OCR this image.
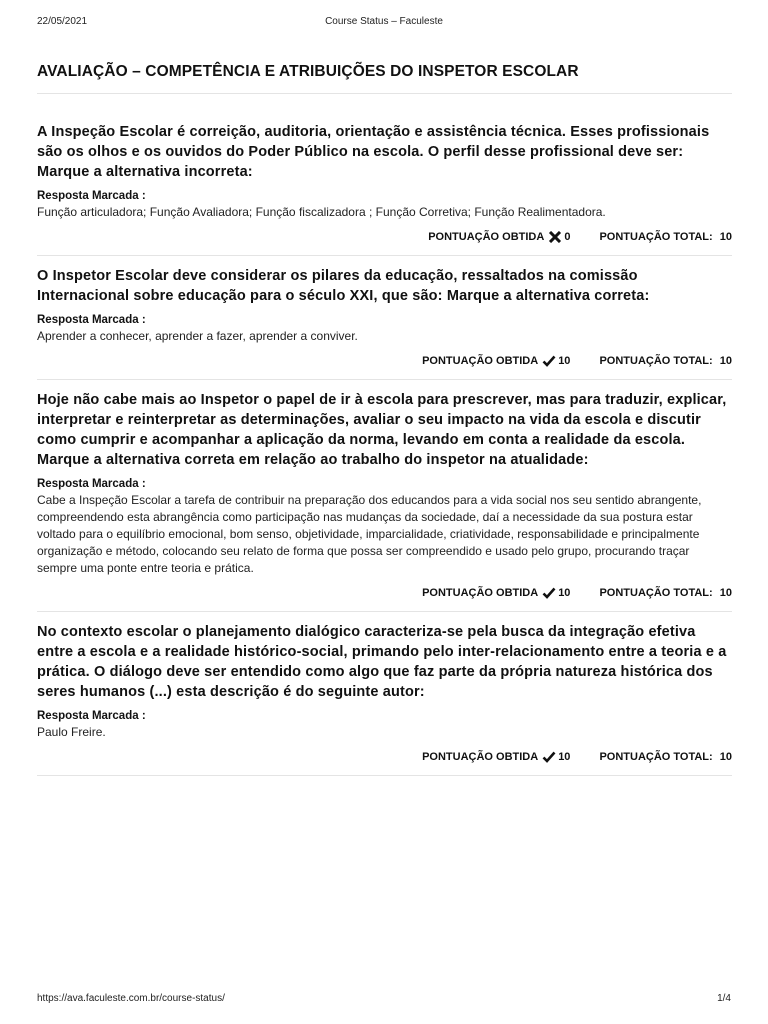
22/05/2021	Course Status – Faculeste
AVALIAÇÃO – COMPETÊNCIA E ATRIBUIÇÕES DO INSPETOR ESCOLAR

A Inspeção Escolar é correição, auditoria, orientação e assistência técnica. Esses profissionais são os olhos e os ouvidos do Poder Público na escola. O perfil desse profissional deve ser: Marque a alternativa incorreta:

Resposta Marcada :

Função articuladora; Função Avaliadora; Função fiscalizadora ; Função Corretiva; Função Realimentadora.

PONTUAÇÃO OBTIDA 0	PONTUAÇÃO TOTAL: 10

O Inspetor Escolar deve considerar os pilares da educação, ressaltados na comissão Internacional sobre educação para o século XXI, que são: Marque a alternativa correta:

Resposta Marcada :

Aprender a conhecer, aprender a fazer, aprender a conviver.

PONTUAÇÃO OBTIDA 10	PONTUAÇÃO TOTAL: 10

Hoje não cabe mais ao Inspetor o papel de ir à escola para prescrever, mas para traduzir, explicar, interpretar e reinterpretar as determinações, avaliar o seu impacto na vida da escola e discutir como cumprir e acompanhar a aplicação da norma, levando em conta a realidade da escola. Marque a alternativa correta em relação ao trabalho do inspetor na atualidade:

Resposta Marcada :

Cabe a Inspeção Escolar a tarefa de contribuir na preparação dos educandos para a vida social nos seu sentido abrangente, compreendendo esta abrangência como participação nas mudanças da sociedade, daí a necessidade da sua postura estar voltado para o equilíbrio emocional, bom senso, objetividade, imparcialidade, criatividade, responsabilidade e principalmente organização e método, colocando seu relato de forma que possa ser compreendido e usado pelo grupo, procurando traçar sempre uma ponte entre teoria e prática.

PONTUAÇÃO OBTIDA 10	PONTUAÇÃO TOTAL: 10

No contexto escolar o planejamento dialógico caracteriza-se pela busca da integração efetiva entre a escola e a realidade histórico-social, primando pelo inter-relacionamento entre a teoria e a prática. O diálogo deve ser entendido como algo que faz parte da própria natureza histórica dos seres humanos (...) esta descrição é do seguinte autor:

Resposta Marcada :

Paulo Freire.

PONTUAÇÃO OBTIDA 10	PONTUAÇÃO TOTAL: 10
https://ava.faculeste.com.br/course-status/	1/4
